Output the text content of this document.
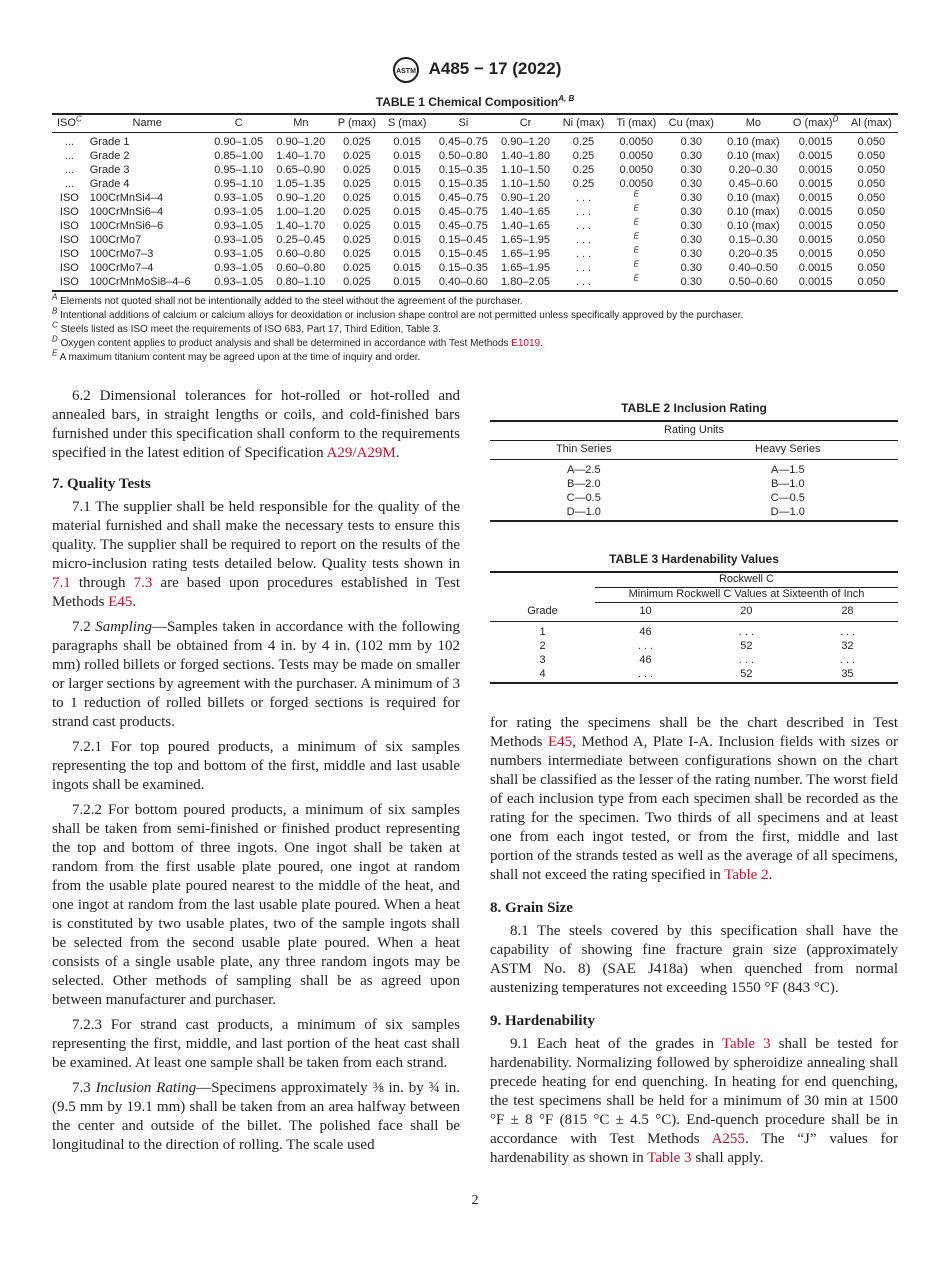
ASTM A485 − 17 (2022)
TABLE 1 Chemical Composition$^{A, B}$
$ISO^C$	Name	C	Mn	P (max)	S (max)	Si	Cr	Ni (max)	Ti (max)	Cu (max)	Mo	O $(\max)^D$	Al (max)
...	Grade 1	0.90–1.05	0.90–1.20	0.025	0.015	0.45–0.75	0.90–1.20	0.25	0.0050	0.30	0.10 (max)	0.0015	0.050
...	Grade 2	0.85–1.00	1.40–1.70	0.025	0.015	0.50–0.80	1.40–1.80	0.25	0.0050	0.30	0.10 (max)	0.0015	0.050
...	Grade 3	0.95–1.10	0.65–0.90	0.025	0.015	0.15–0.35	1.10–1.50	0.25	0.0050	0.30	0.20–0.30	0.0015	0.050
...	Grade 4	0.95–1.10	1.05–1.35	0.025	0.015	0.15–0.35	1.10–1.50	0.25	0.0050	0.30	0.45–0.60	0.0015	0.050
ISO	100CrMnSi4–4	0.93–1.05	0.90–1.20	0.025	0.015	0.45–0.75	0.90–1.20	. . .	$^E$	0.30	0.10 (max)	0.0015	0.050
ISO	100CrMnSi6–4	0.93–1.05	1.00–1.20	0.025	0.015	0.45–0.75	1.40–1.65	. . .	$^E$	0.30	0.10 (max)	0.0015	0.050
ISO	100CrMnSi6–6	0.93–1.05	1.40–1.70	0.025	0.015	0.45–0.75	1.40–1.65	. . .	$^E$	0.30	0.10 (max)	0.0015	0.050
ISO	100CrMo7	0.93–1.05	0.25–0.45	0.025	0.015	0.15–0.45	1.65–1.95	. . .	$^E$	0.30	0.15–0.30	0.0015	0.050
ISO	100CrMo7–3	0.93–1.05	0.60–0.80	0.025	0.015	0.15–0.45	1.65–1.95	. . .	$^E$	0.30	0.20–0.35	0.0015	0.050
ISO	100CrMo7–4	0.93–1.05	0.60–0.80	0.025	0.015	0.15–0.35	1.65–1.95	. . .	$^E$	0.30	0.40–0.50	0.0015	0.050
ISO	100CrMnMoSi8–4–6	0.93–1.05	0.80–1.10	0.025	0.015	0.40–0.60	1.80–2.05	. . .	$^E$	0.30	0.50–0.60	0.0015	0.050
$^A$ Elements not quoted shall not be intentionally added to the steel without the agreement of the purchaser.
$^B$ Intentional additions of calcium or calcium alloys for deoxidation or inclusion shape control are not permitted unless specifically approved by the purchaser.
$^C$ Steels listed as ISO meet the requirements of ISO 683, Part 17, Third Edition, Table 3.
$^D$ Oxygen content applies to product analysis and shall be determined in accordance with Test Methods E1019.
$^E$ A maximum titanium content may be agreed upon at the time of inquiry and order.

6.2 Dimensional tolerances for hot-rolled or hot-rolled and annealed bars, in straight lengths or coils, and cold-finished bars furnished under this specification shall conform to the requirements specified in the latest edition of Specification A29/A29M.

7. Quality Tests

7.1 The supplier shall be held responsible for the quality of the material furnished and shall make the necessary tests to ensure this quality. The supplier shall be required to report on the results of the micro-inclusion rating tests detailed below. Quality tests shown in 7.1 through 7.3 are based upon procedures established in Test Methods E45.

7.2 Sampling—Samples taken in accordance with the following paragraphs shall be obtained from 4 in. by 4 in. (102 mm by 102 mm) rolled billets or forged sections. Tests may be made on smaller or larger sections by agreement with the purchaser. A minimum of 3 to 1 reduction of rolled billets or forged sections is required for strand cast products.

7.2.1 For top poured products, a minimum of six samples representing the top and bottom of the first, middle and last usable ingots shall be examined.

7.2.2 For bottom poured products, a minimum of six samples shall be taken from semi-finished or finished product representing the top and bottom of three ingots. One ingot shall be taken at random from the first usable plate poured, one ingot at random from the usable plate poured nearest to the middle of the heat, and one ingot at random from the last usable plate poured. When a heat is constituted by two usable plates, two of the sample ingots shall be selected from the second usable plate poured. When a heat consists of a single usable plate, any three random ingots may be selected. Other methods of sampling shall be as agreed upon between manufacturer and purchaser.

7.2.3 For strand cast products, a minimum of six samples representing the first, middle, and last portion of the heat cast shall be examined. At least one sample shall be taken from each strand.

7.3 Inclusion Rating—Specimens approximately ⅜ in. by ¾ in. (9.5 mm by 19.1 mm) shall be taken from an area halfway between the center and outside of the billet. The polished face shall be longitudinal to the direction of rolling. The scale used

TABLE 2 Inclusion Rating
Rating Units	
Thin Series	Heavy Series
A—2.5	A—1.5
B—2.0	B—1.0
C—0.5	C—0.5
D—1.0	D—1.0
TABLE 3 Hardenability Values
	Rockwell C		
	Minimum Rockwell C Values at Sixteenth of Inch		
Grade	10	20	28
1	46	. . .	. . .
2	. . .	52	32
3	46	. . .	. . .
4	. . .	52	35

for rating the specimens shall be the chart described in Test Methods E45, Method A, Plate I-A. Inclusion fields with sizes or numbers intermediate between configurations shown on the chart shall be classified as the lesser of the rating number. The worst field of each inclusion type from each specimen shall be recorded as the rating for the specimen. Two thirds of all specimens and at least one from each ingot tested, or from the first, middle and last portion of the strands tested as well as the average of all specimens, shall not exceed the rating specified in Table 2.

8. Grain Size

8.1 The steels covered by this specification shall have the capability of showing fine fracture grain size (approximately ASTM No. 8) (SAE J418a) when quenched from normal austenizing temperatures not exceeding 1550 °F (843 °C).

9. Hardenability

9.1 Each heat of the grades in Table 3 shall be tested for hardenability. Normalizing followed by spheroidize annealing shall precede heating for end quenching. In heating for end quenching, the test specimens shall be held for a minimum of 30 min at 1500 °F ± 8 °F (815 °C ± 4.5 °C). End-quench procedure shall be in accordance with Test Methods A255. The “J” values for hardenability as shown in Table 3 shall apply.

2
